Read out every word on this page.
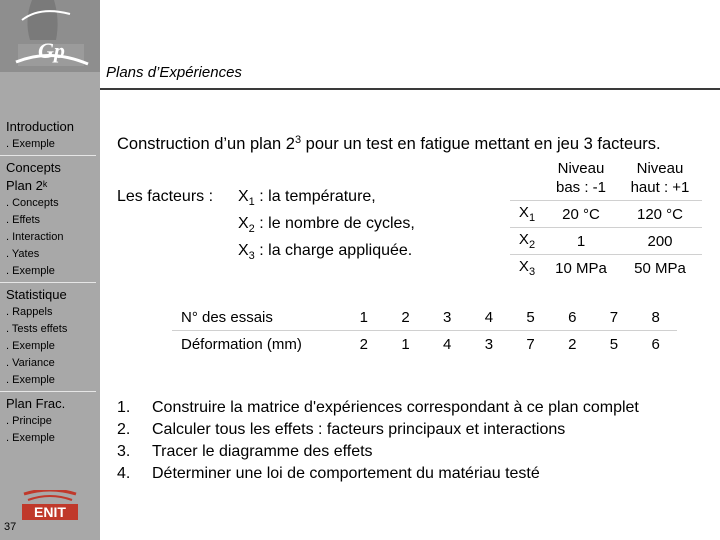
Gp
Introduction
. Exemple
Concepts
Plan 2ᵏ
. Concepts
. Effets
. Interaction
. Yates
. Exemple
Statistique
. Rappels
. Tests effets
. Exemple
. Variance
. Exemple
Plan Frac.
. Principe
. Exemple
ENIT
37
Plans d’Expériences
Construction d’un plan $2^3$ pour un test en fatigue mettant en jeu 3 facteurs.
Les facteurs $:X_1$ : la température,
$X_2$ : le nombre de cycles,
$X_3$ : la charge appliquée.
	Niveau
bas : -1	Niveau
haut : +1
$X_1$	20 °C	120 °C
$X_2$	1	200
$X_3$	10 MPa	50 MPa
N° des essais	1	2	3	4	5	6	7	8
Déformation (mm)	2	1	4	3	7	2	5	6
1. Construire la matrice d'expériences correspondant à ce plan complet
2. Calculer tous les effets : facteurs principaux et interactions
3. Tracer le diagramme des effets
4. Déterminer une loi de comportement du matériau testé
